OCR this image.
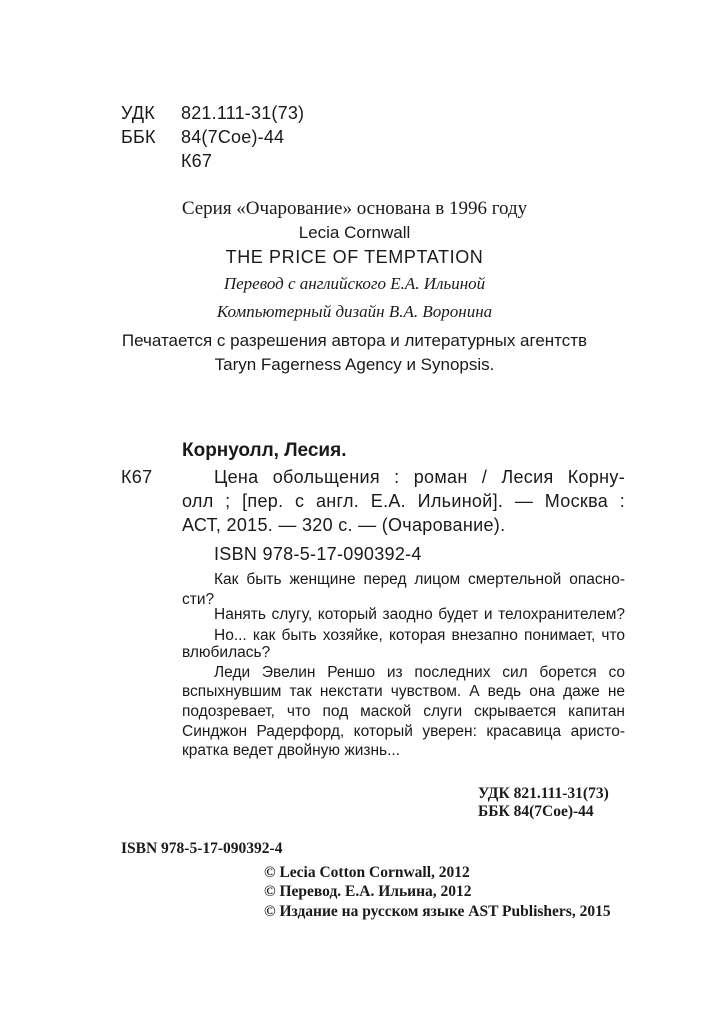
УДК 821.111-31(73)
ББК 84(7Сое)-44
К67
Серия «Очарование» основана в 1996 году
Lecia Cornwall
THE PRICE OF TEMPTATION
Перевод с английского Е.А. Ильиной
Компьютерный дизайн В.А. Воронина
Печатается с разрешения автора и литературных агентств
Taryn Fagerness Agency и Synopsis.
Корнуолл, Лесия.
К67	Цена обольщения : роман / Лесия Корну-
олл ; [пер. с англ. Е.А. Ильиной]. — Москва :
АСТ, 2015. — 320 с. — (Очарование).
ISBN 978-5-17-090392-4
Как быть женщине перед лицом смертельной опасно-
сти?
Нанять слугу, который заодно будет и телохранителем?
Но... как быть хозяйке, которая внезапно понимает, что
влюбилась?
Леди Эвелин Реншо из последних сил борется со
вспыхнувшим так некстати чувством. А ведь она даже не
подозревает, что под маской слуги скрывается капитан
Синджон Радерфорд, который уверен: красавица аристо-
кратка ведет двойную жизнь...
УДК 821.111-31(73)
ББК 84(7Сое)-44
ISBN 978-5-17-090392-4
© Lecia Cotton Cornwall, 2012
© Перевод. Е.А. Ильина, 2012
© Издание на русском языке AST Publishers, 2015
